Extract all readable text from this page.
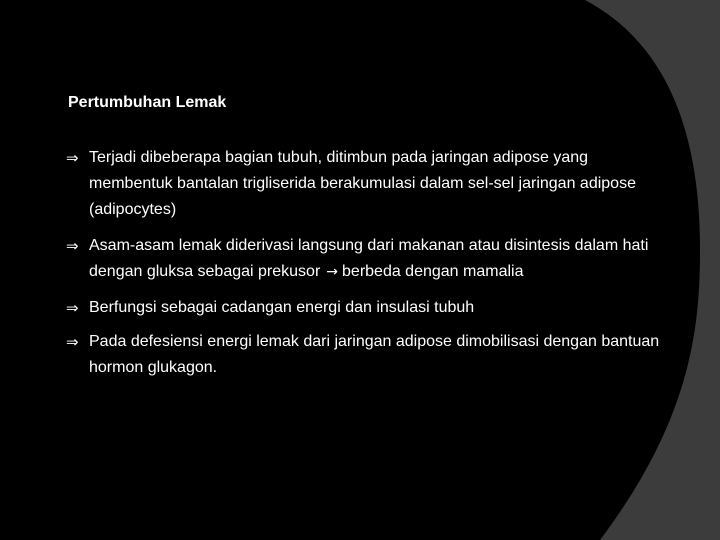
Pertumbuhan Lemak
⇒ Terjadi dibeberapa bagian tubuh, ditimbun pada jaringan adipose yang membentuk bantalan trigliserida berakumulasi dalam sel-sel jaringan adipose (adipocytes)
⇒ Asam-asam lemak diderivasi langsung dari makanan atau disintesis dalam hati dengan gluksa sebagai prekusor → berbeda dengan mamalia
⇒ Berfungsi sebagai cadangan energi dan insulasi tubuh
⇒ Pada defesiensi energi lemak dari jaringan adipose dimobilisasi dengan bantuan hormon glukagon.
